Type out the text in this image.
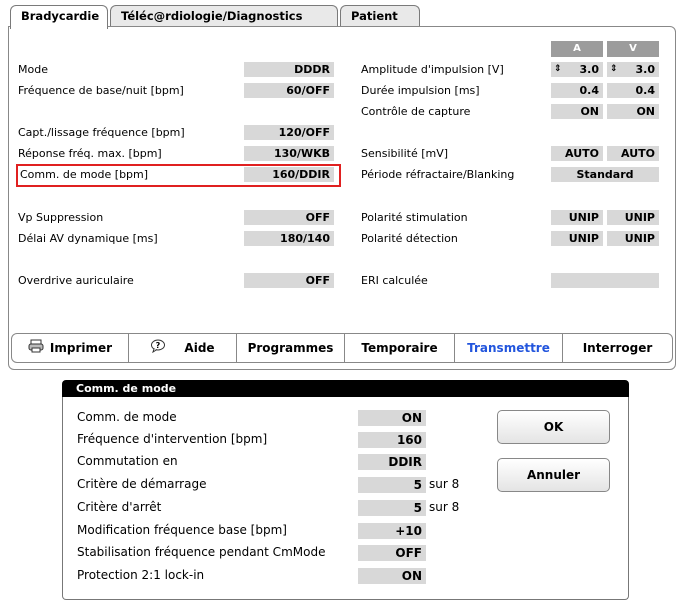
Bradycardie	Téléc@rdiologie/Diagnostics	Patient
A	V
Mode	DDDR
Fréquence de base/nuit [bpm]	60/OFF
Capt./lissage fréquence [bpm]	120/OFF
Réponse fréq. max. [bpm]	130/WKB
Comm. de mode [bpm]	160/DDIR
Vp Suppression	OFF
Délai AV dynamique [ms]	180/140
Overdrive auriculaire	OFF
Amplitude d'impulsion [V]	⇕ 3.0	⇕ 3.0
Durée impulsion [ms]	0.4	0.4
Contrôle de capture	ON	ON
Sensibilité [mV]	AUTO	AUTO
Période réfractaire/Blanking	Standard
Polarité stimulation	UNIP	UNIP
Polarité détection	UNIP	UNIP
ERI calculée
Imprimer	? Aide	Programmes	Temporaire	Transmettre	Interroger
Comm. de mode
Comm. de mode	ON
Fréquence d'intervention [bpm]	160
Commutation en	DDIR
Critère de démarrage	5 sur 8
Critère d'arrêt	5 sur 8
Modification fréquence base [bpm]	+10
Stabilisation fréquence pendant CmMode	OFF
Protection 2:1 lock-in	ON
OK
Annuler
